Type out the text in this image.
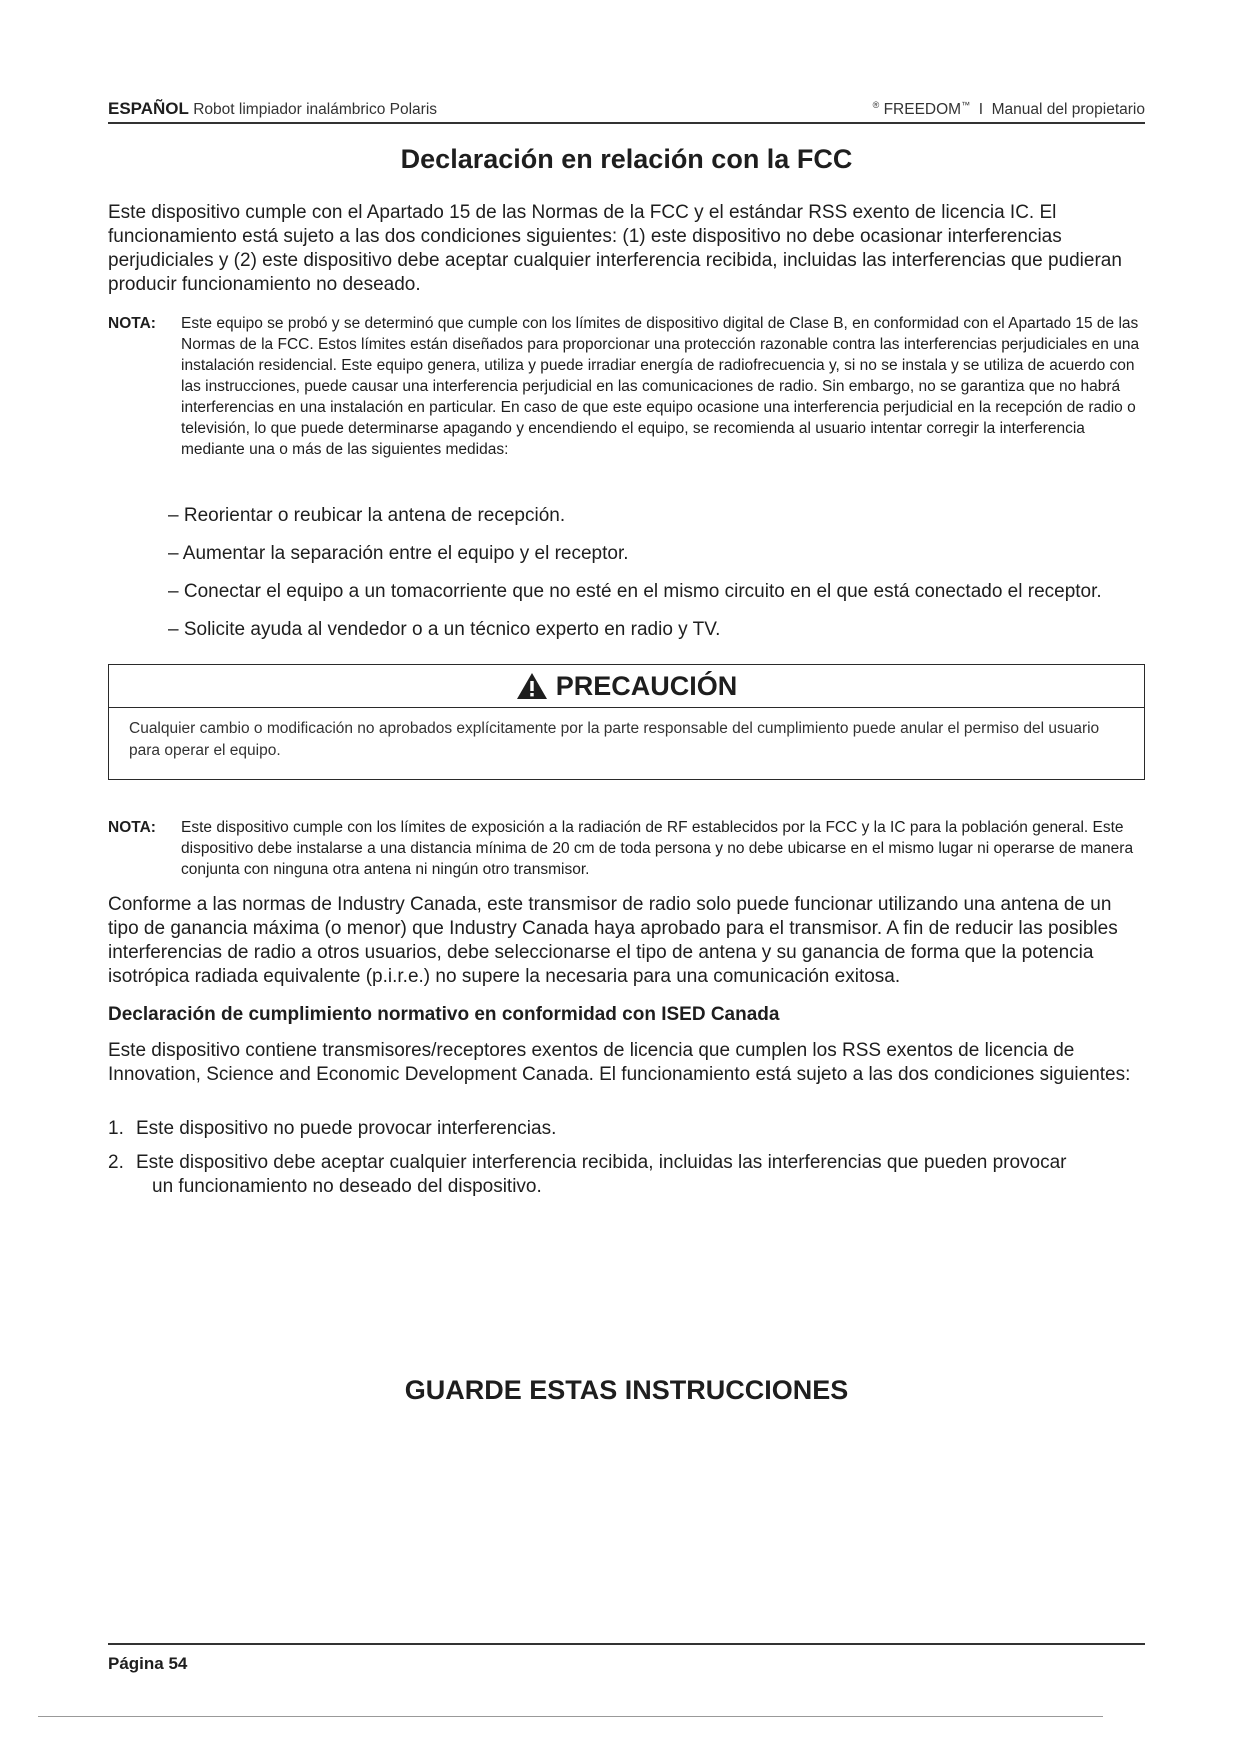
ESPAÑOL Robot limpiador inalámbrico Polaris	® FREEDOM™ I Manual del propietario
Declaración en relación con la FCC

Este dispositivo cumple con el Apartado 15 de las Normas de la FCC y el estándar RSS exento de licencia IC. El funcionamiento está sujeto a las dos condiciones siguientes: (1) este dispositivo no debe ocasionar interferencias perjudiciales y (2) este dispositivo debe aceptar cualquier interferencia recibida, incluidas las interferencias que pudieran producir funcionamiento no deseado.

NOTA: Este equipo se probó y se determinó que cumple con los límites de dispositivo digital de Clase B, en conformidad con el Apartado 15 de las Normas de la FCC. Estos límites están diseñados para proporcionar una protección razonable contra las interferencias perjudiciales en una instalación residencial. Este equipo genera, utiliza y puede irradiar energía de radiofrecuencia y, si no se instala y se utiliza de acuerdo con las instrucciones, puede causar una interferencia perjudicial en las comunicaciones de radio. Sin embargo, no se garantiza que no habrá interferencias en una instalación en particular. En caso de que este equipo ocasione una interferencia perjudicial en la recepción de radio o televisión, lo que puede determinarse apagando y encendiendo el equipo, se recomienda al usuario intentar corregir la interferencia mediante una o más de las siguientes medidas:
– Reorientar o reubicar la antena de recepción.
– Aumentar la separación entre el equipo y el receptor.
– Conectar el equipo a un tomacorriente que no esté en el mismo circuito en el que está conectado el receptor.
– Solicite ayuda al vendedor o a un técnico experto en radio y TV.
PRECAUCIÓN
Cualquier cambio o modificación no aprobados explícitamente por la parte responsable del cumplimiento puede anular el permiso del usuario para operar el equipo.
NOTA: Este dispositivo cumple con los límites de exposición a la radiación de RF establecidos por la FCC y la IC para la población general. Este dispositivo debe instalarse a una distancia mínima de 20 cm de toda persona y no debe ubicarse en el mismo lugar ni operarse de manera conjunta con ninguna otra antena ni ningún otro transmisor.

Conforme a las normas de Industry Canada, este transmisor de radio solo puede funcionar utilizando una antena de un tipo de ganancia máxima (o menor) que Industry Canada haya aprobado para el transmisor. A fin de reducir las posibles interferencias de radio a otros usuarios, debe seleccionarse el tipo de antena y su ganancia de forma que la potencia isotrópica radiada equivalente (p.i.r.e.) no supere la necesaria para una comunicación exitosa.

Declaración de cumplimiento normativo en conformidad con ISED Canada

Este dispositivo contiene transmisores/receptores exentos de licencia que cumplen los RSS exentos de licencia de Innovation, Science and Economic Development Canada. El funcionamiento está sujeto a las dos condiciones siguientes:

1. Este dispositivo no puede provocar interferencias.
2. Este dispositivo debe aceptar cualquier interferencia recibida, incluidas las interferencias que pueden provocar
un funcionamiento no deseado del dispositivo.
GUARDE ESTAS INSTRUCCIONES
Página 54
